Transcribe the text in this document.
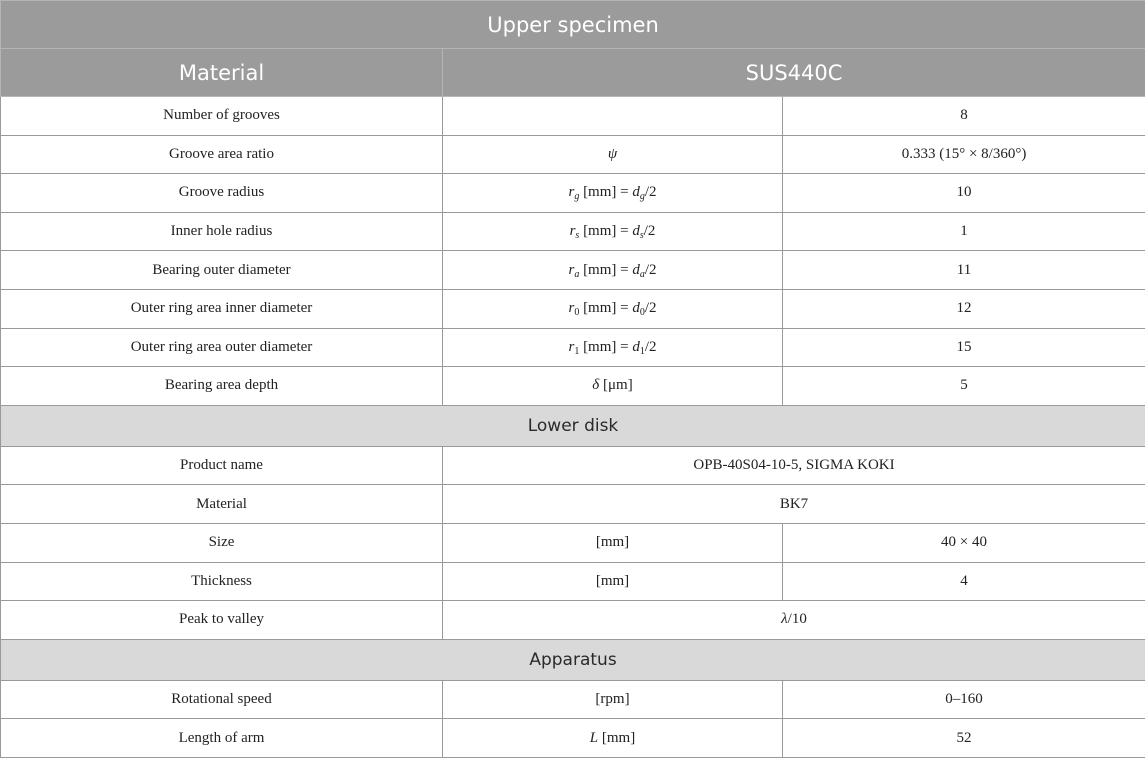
Upper specimen		
Material	SUS440C	
Number of grooves		8
Groove area ratio	ψ	0.333 (15° × 8/360°)
Groove radius	$r_g$ $[mm] = d_g/2$	10
Inner hole radius	$r_s$ $[mm] = d_s/2$	1
Bearing outer diameter	$r_a$ $[mm] = d_a/2$	11
Outer ring area inner diameter	$r_0$ $[mm] = d_0/2$	12
Outer ring area outer diameter	$r_1$ $[mm] = d_1/2$	15
Bearing area depth	δ [μm]	5
Lower disk		
Product name	OPB-40S04-10-5, SIGMA KOKI	
Material	BK7	
Size	[mm]	40 × 40
Thickness	[mm]	4
Peak to valley	λ/10	
Apparatus		
Rotational speed	[rpm]	0–160
Length of arm	L [mm]	52
